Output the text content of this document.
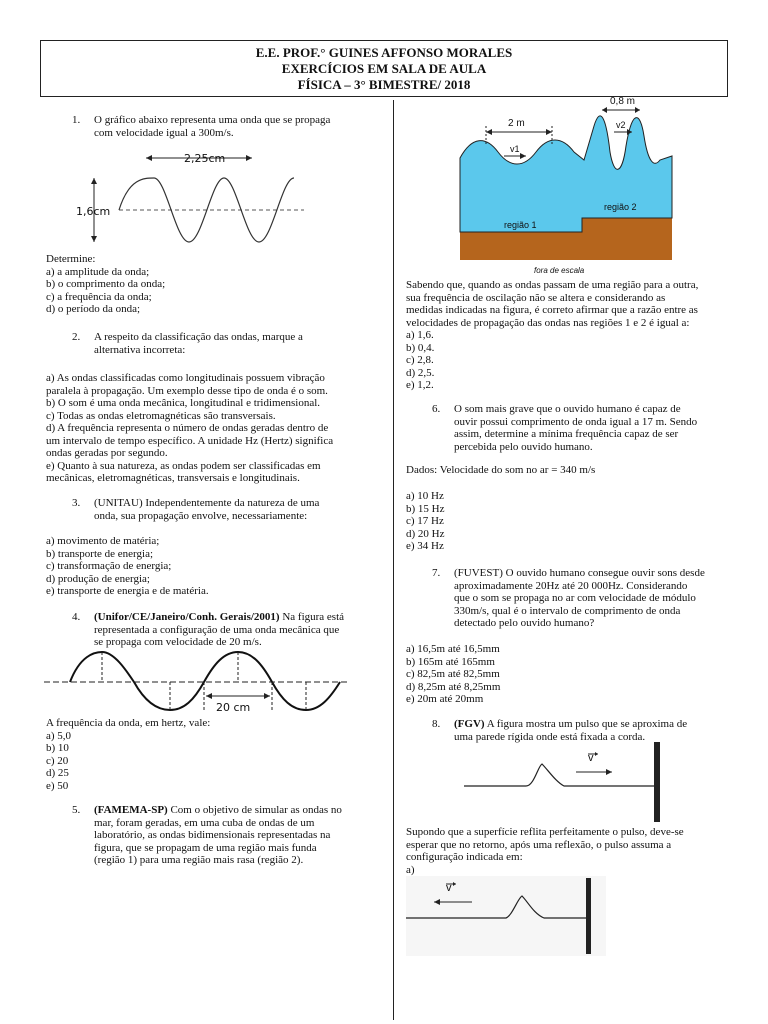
E.E. PROF.° GUINES AFFONSO MORALES
EXERCÍCIOS EM SALA DE AULA
FÍSICA – 3° BIMESTRE/ 2018

1. O gráfico abaixo representa uma onda que se propaga

com velocidade igual a 300m/s.

2,25cm
1,6cm

Determine:

a) a amplitude da onda;

b) o comprimento da onda;

c) a frequência da onda;

d) o período da onda;

2. A respeito da classificação das ondas, marque a

alternativa incorreta:

a) As ondas classificadas como longitudinais possuem vibração

paralela à propagação. Um exemplo desse tipo de onda é o som.

b) O som é uma onda mecânica, longitudinal e tridimensional.

c) Todas as ondas eletromagnéticas são transversais.

d) A frequência representa o número de ondas geradas dentro de

um intervalo de tempo específico. A unidade Hz (Hertz) significa

ondas geradas por segundo.

e) Quanto à sua natureza, as ondas podem ser classificadas em

mecânicas, eletromagnéticas, transversais e longitudinais.

3. (UNITAU) Independentemente da natureza de uma

onda, sua propagação envolve, necessariamente:

a) movimento de matéria;

b) transporte de energia;

c) transformação de energia;

d) produção de energia;

e) transporte de energia e de matéria.

4. (Unifor/CE/Janeiro/Conh. Gerais/2001) Na figura está

representada a configuração de uma onda mecânica que

se propaga com velocidade de 20 m/s.

20 cm

A frequência da onda, em hertz, vale:

a) 5,0

b) 10

c) 20

d) 25

e) 50

5. (FAMEMA-SP) Com o objetivo de simular as ondas no

mar, foram geradas, em uma cuba de ondas de um

laboratório, as ondas bidimensionais representadas na

figura, que se propagam de uma região mais funda

(região 1) para uma região mais rasa (região 2).

2 m
0,8 m
v1
v2
região 1
região 2
fora de escala

Sabendo que, quando as ondas passam de uma região para a outra,

sua frequência de oscilação não se altera e considerando as

medidas indicadas na figura, é correto afirmar que a razão entre as

velocidades de propagação das ondas nas regiões 1 e 2 é igual a:

a) 1,6.

b) 0,4.

c) 2,8.

d) 2,5.

e) 1,2.

6. O som mais grave que o ouvido humano é capaz de

ouvir possui comprimento de onda igual a 17 m. Sendo

assim, determine a mínima frequência capaz de ser

percebida pelo ouvido humano.

Dados: Velocidade do som no ar = 340 m/s

a) 10 Hz

b) 15 Hz

c) 17 Hz

d) 20 Hz

e) 34 Hz

7. (FUVEST) O ouvido humano consegue ouvir sons desde

aproximadamente 20Hz até 20 000Hz. Considerando

que o som se propaga no ar com velocidade de módulo

330m/s, qual é o intervalo de comprimento de onda

detectado pelo ouvido humano?

a) 16,5m até 16,5mm

b) 165m até 165mm

c) 82,5m até 82,5mm

d) 8,25m até 8,25mm

e) 20m até 20mm

8. (FGV) A figura mostra um pulso que se aproxima de

uma parede rígida onde está fixada a corda.

v

Supondo que a superfície reflita perfeitamente o pulso, deve-se

esperar que no retorno, após uma reflexão, o pulso assuma a

configuração indicada em:

a)

v
